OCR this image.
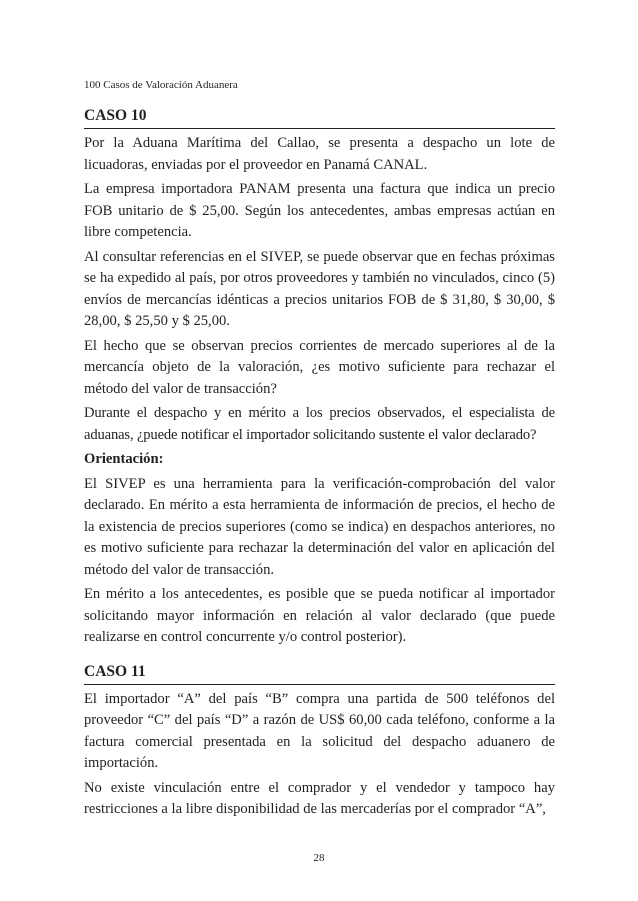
100 Casos de Valoración Aduanera
CASO 10

Por la Aduana Marítima del Callao, se presenta a despacho un lote de licuadoras, enviadas por el proveedor en Panamá CANAL.

La empresa importadora PANAM presenta una factura que indica un precio FOB unitario de $ 25,00. Según los antecedentes, ambas empresas actúan en libre competencia.

Al consultar referencias en el SIVEP, se puede observar que en fechas próximas se ha expedido al país, por otros proveedores y también no vinculados, cinco (5) envíos de mercancías idénticas a precios unitarios FOB de $ 31,80, $ 30,00, $ 28,00, $ 25,50 y $ 25,00.

El hecho que se observan precios corrientes de mercado superiores al de la mercancía objeto de la valoración, ¿es motivo suficiente para rechazar el método del valor de transacción?

Durante el despacho y en mérito a los precios observados, el especialista de aduanas, ¿puede notificar el importador solicitando sustente el valor declarado?

Orientación:

El SIVEP es una herramienta para la verificación-comprobación del valor declarado. En mérito a esta herramienta de información de precios, el hecho de la existencia de precios superiores (como se indica) en despachos anteriores, no es motivo suficiente para rechazar la determinación del valor en aplicación del método del valor de transacción.

En mérito a los antecedentes, es posible que se pueda notificar al importador solicitando mayor información en relación al valor declarado (que puede realizarse en control concurrente y/o control posterior).

CASO 11

El importador “A” del país “B” compra una partida de 500 teléfonos del proveedor “C” del país “D” a razón de US$ 60,00 cada teléfono, conforme a la factura comercial presentada en la solicitud del despacho aduanero de importación.

No existe vinculación entre el comprador y el vendedor y tampoco hay restricciones a la libre disponibilidad de las mercaderías por el comprador “A”,

28
